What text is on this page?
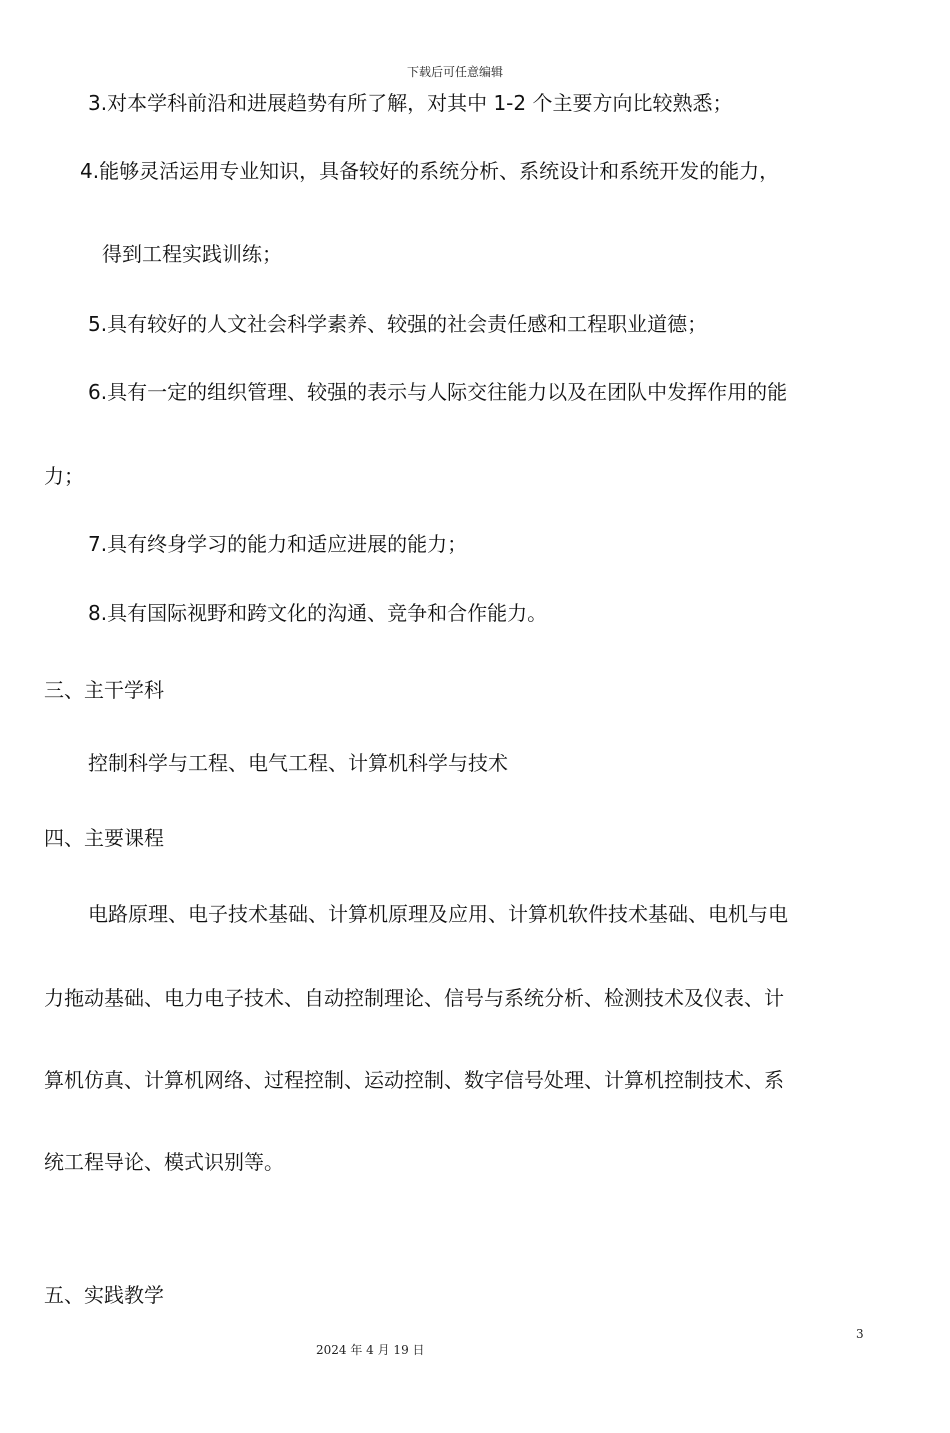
下载后可任意编辑
3.对本学科前沿和进展趋势有所了解，对其中 1-2 个主要方向比较熟悉；
4.能够灵活运用专业知识，具备较好的系统分析、系统设计和系统开发的能力，
得到工程实践训练；
5.具有较好的人文社会科学素养、较强的社会责任感和工程职业道德；
6.具有一定的组织管理、较强的表示与人际交往能力以及在团队中发挥作用的能
力；
7.具有终身学习的能力和适应进展的能力；
8.具有国际视野和跨文化的沟通、竞争和合作能力。
三、主干学科
控制科学与工程、电气工程、计算机科学与技术
四、主要课程
电路原理、电子技术基础、计算机原理及应用、计算机软件技术基础、电机与电
力拖动基础、电力电子技术、自动控制理论、信号与系统分析、检测技术及仪表、计
算机仿真、计算机网络、过程控制、运动控制、数字信号处理、计算机控制技术、系
统工程导论、模式识别等。
五、实践教学
3
2024 年 4 月 19 日
